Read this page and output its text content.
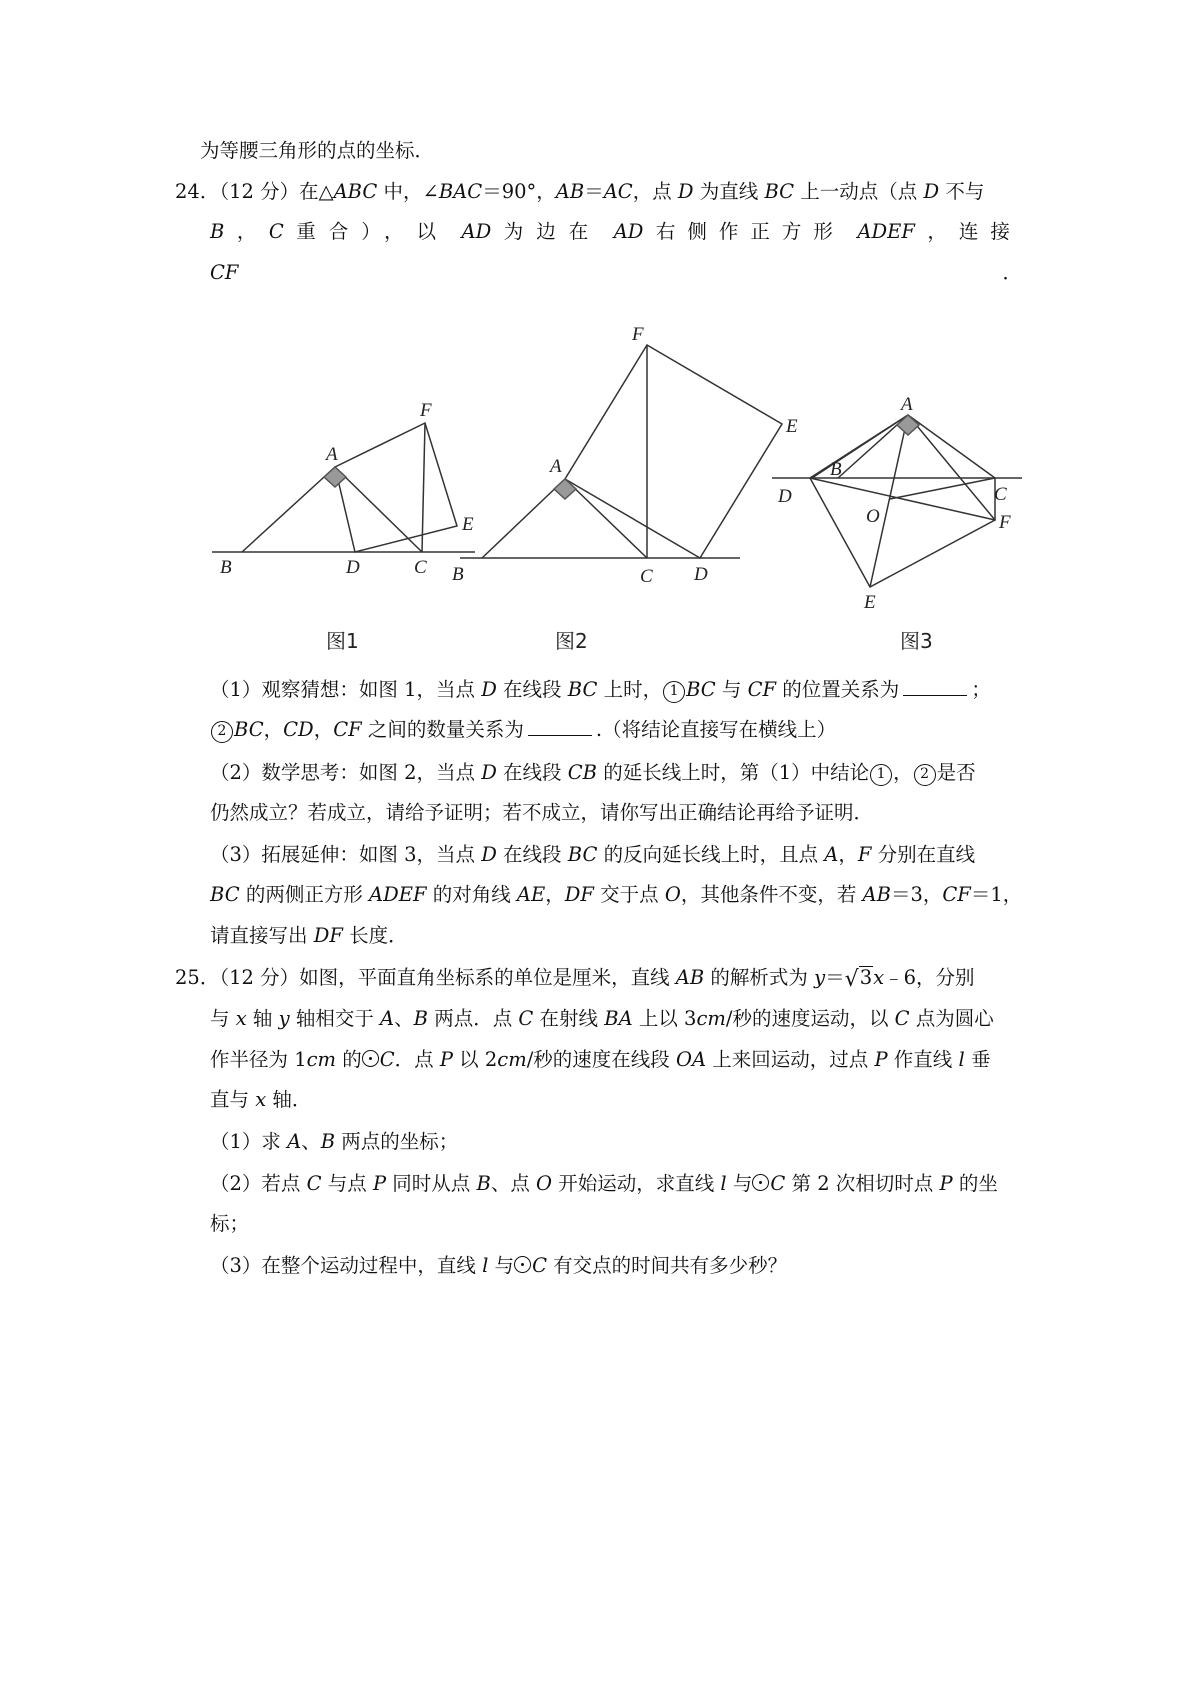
为等腰三角形的点的坐标．
24．（12 分）在△ABC 中，∠BAC＝90°，AB＝AC，点 D 为直线 BC 上一动点（点 D 不与
B ， C 重合），以 AD 为边在 AD 右侧作正方形 ADEF ，连接
CF	．
A
B	C
D
E
F
A
B	C D
E
F
A
B
C
D
E
F
O
图1	图2	图3
（1）观察猜想：如图 1，当点 D 在线段 BC 上时， 1 BC 与 CF 的位置关系为	；
2 BC，CD，CF 之间的数量关系为	.（将结论直接写在横线上）
（2）数学思考：如图 2，当点 D 在线段 CB 的延长线上时，第（1）中结论 1 ， 2 是否
仍然成立？若成立，请给予证明；若不成立，请你写出正确结论再给予证明．
（3）拓展延伸：如图 3，当点 D 在线段 BC 的反向延长线上时，且点 A，F 分别在直线
BC 的两侧正方形 ADEF 的对角线 AE，DF 交于点 O，其他条件不变，若 AB＝3，CF＝1，
请直接写出 DF 长度．
25．（12 分）如图，平面直角坐标系的单位是厘米，直线 AB 的解析式为 y＝√3x﹣6，分别
与 x 轴 y 轴相交于 A、B 两点．点 C 在射线 BA 上以 3cm/秒的速度运动，以 C 点为圆心
作半径为 1cm 的 C．点 P 以 2cm/秒的速度在线段 OA 上来回运动，过点 P 作直线 l 垂
直与 x 轴．
（1）求 A、B 两点的坐标；
（2）若点 C 与点 P 同时从点 B、点 O 开始运动，求直线 l 与 C 第 2 次相切时点 P 的坐
标；
（3）在整个运动过程中，直线 l 与 C 有交点的时间共有多少秒？
